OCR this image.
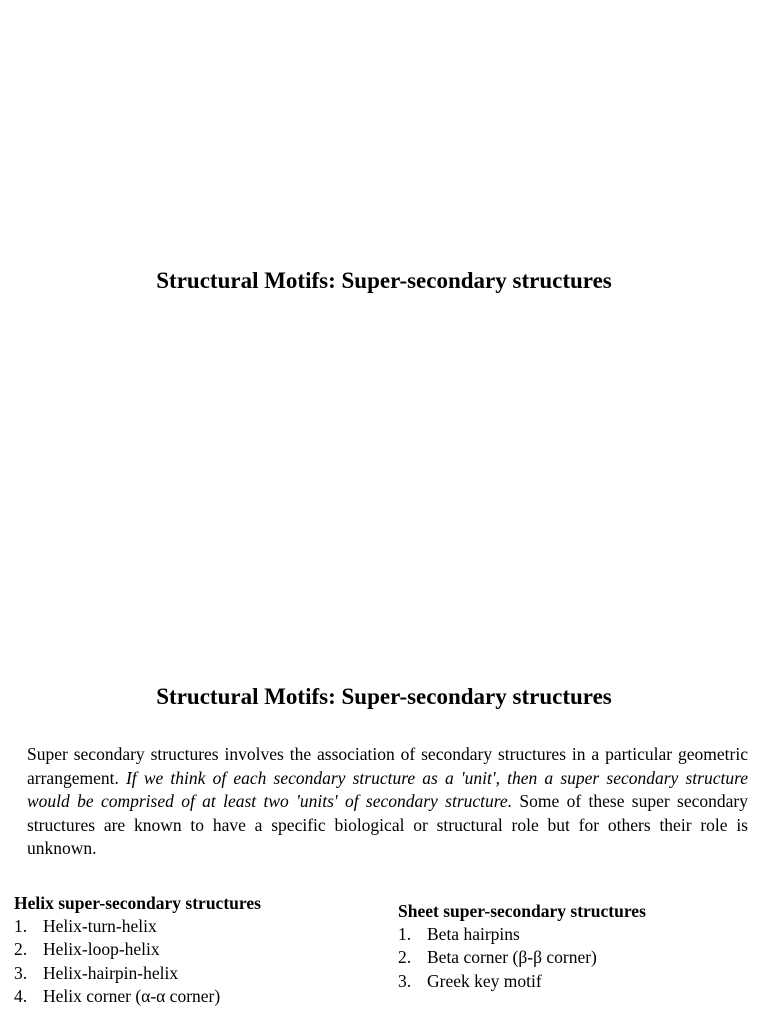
Structural Motifs: Super-secondary structures
Structural Motifs: Super-secondary structures

Super secondary structures involves the association of secondary structures in a particular geometric arrangement. If we think of each secondary structure as a 'unit', then a super secondary structure would be comprised of at least two 'units' of secondary structure. Some of these super secondary structures are known to have a specific biological or structural role but for others their role is unknown.

Helix super-secondary structures

1. Helix-turn-helix
2. Helix-loop-helix
3. Helix-hairpin-helix
4. Helix corner (α-α corner)

Sheet super-secondary structures

1. Beta hairpins
2. Beta corner (β-β corner)
3. Greek key motif
